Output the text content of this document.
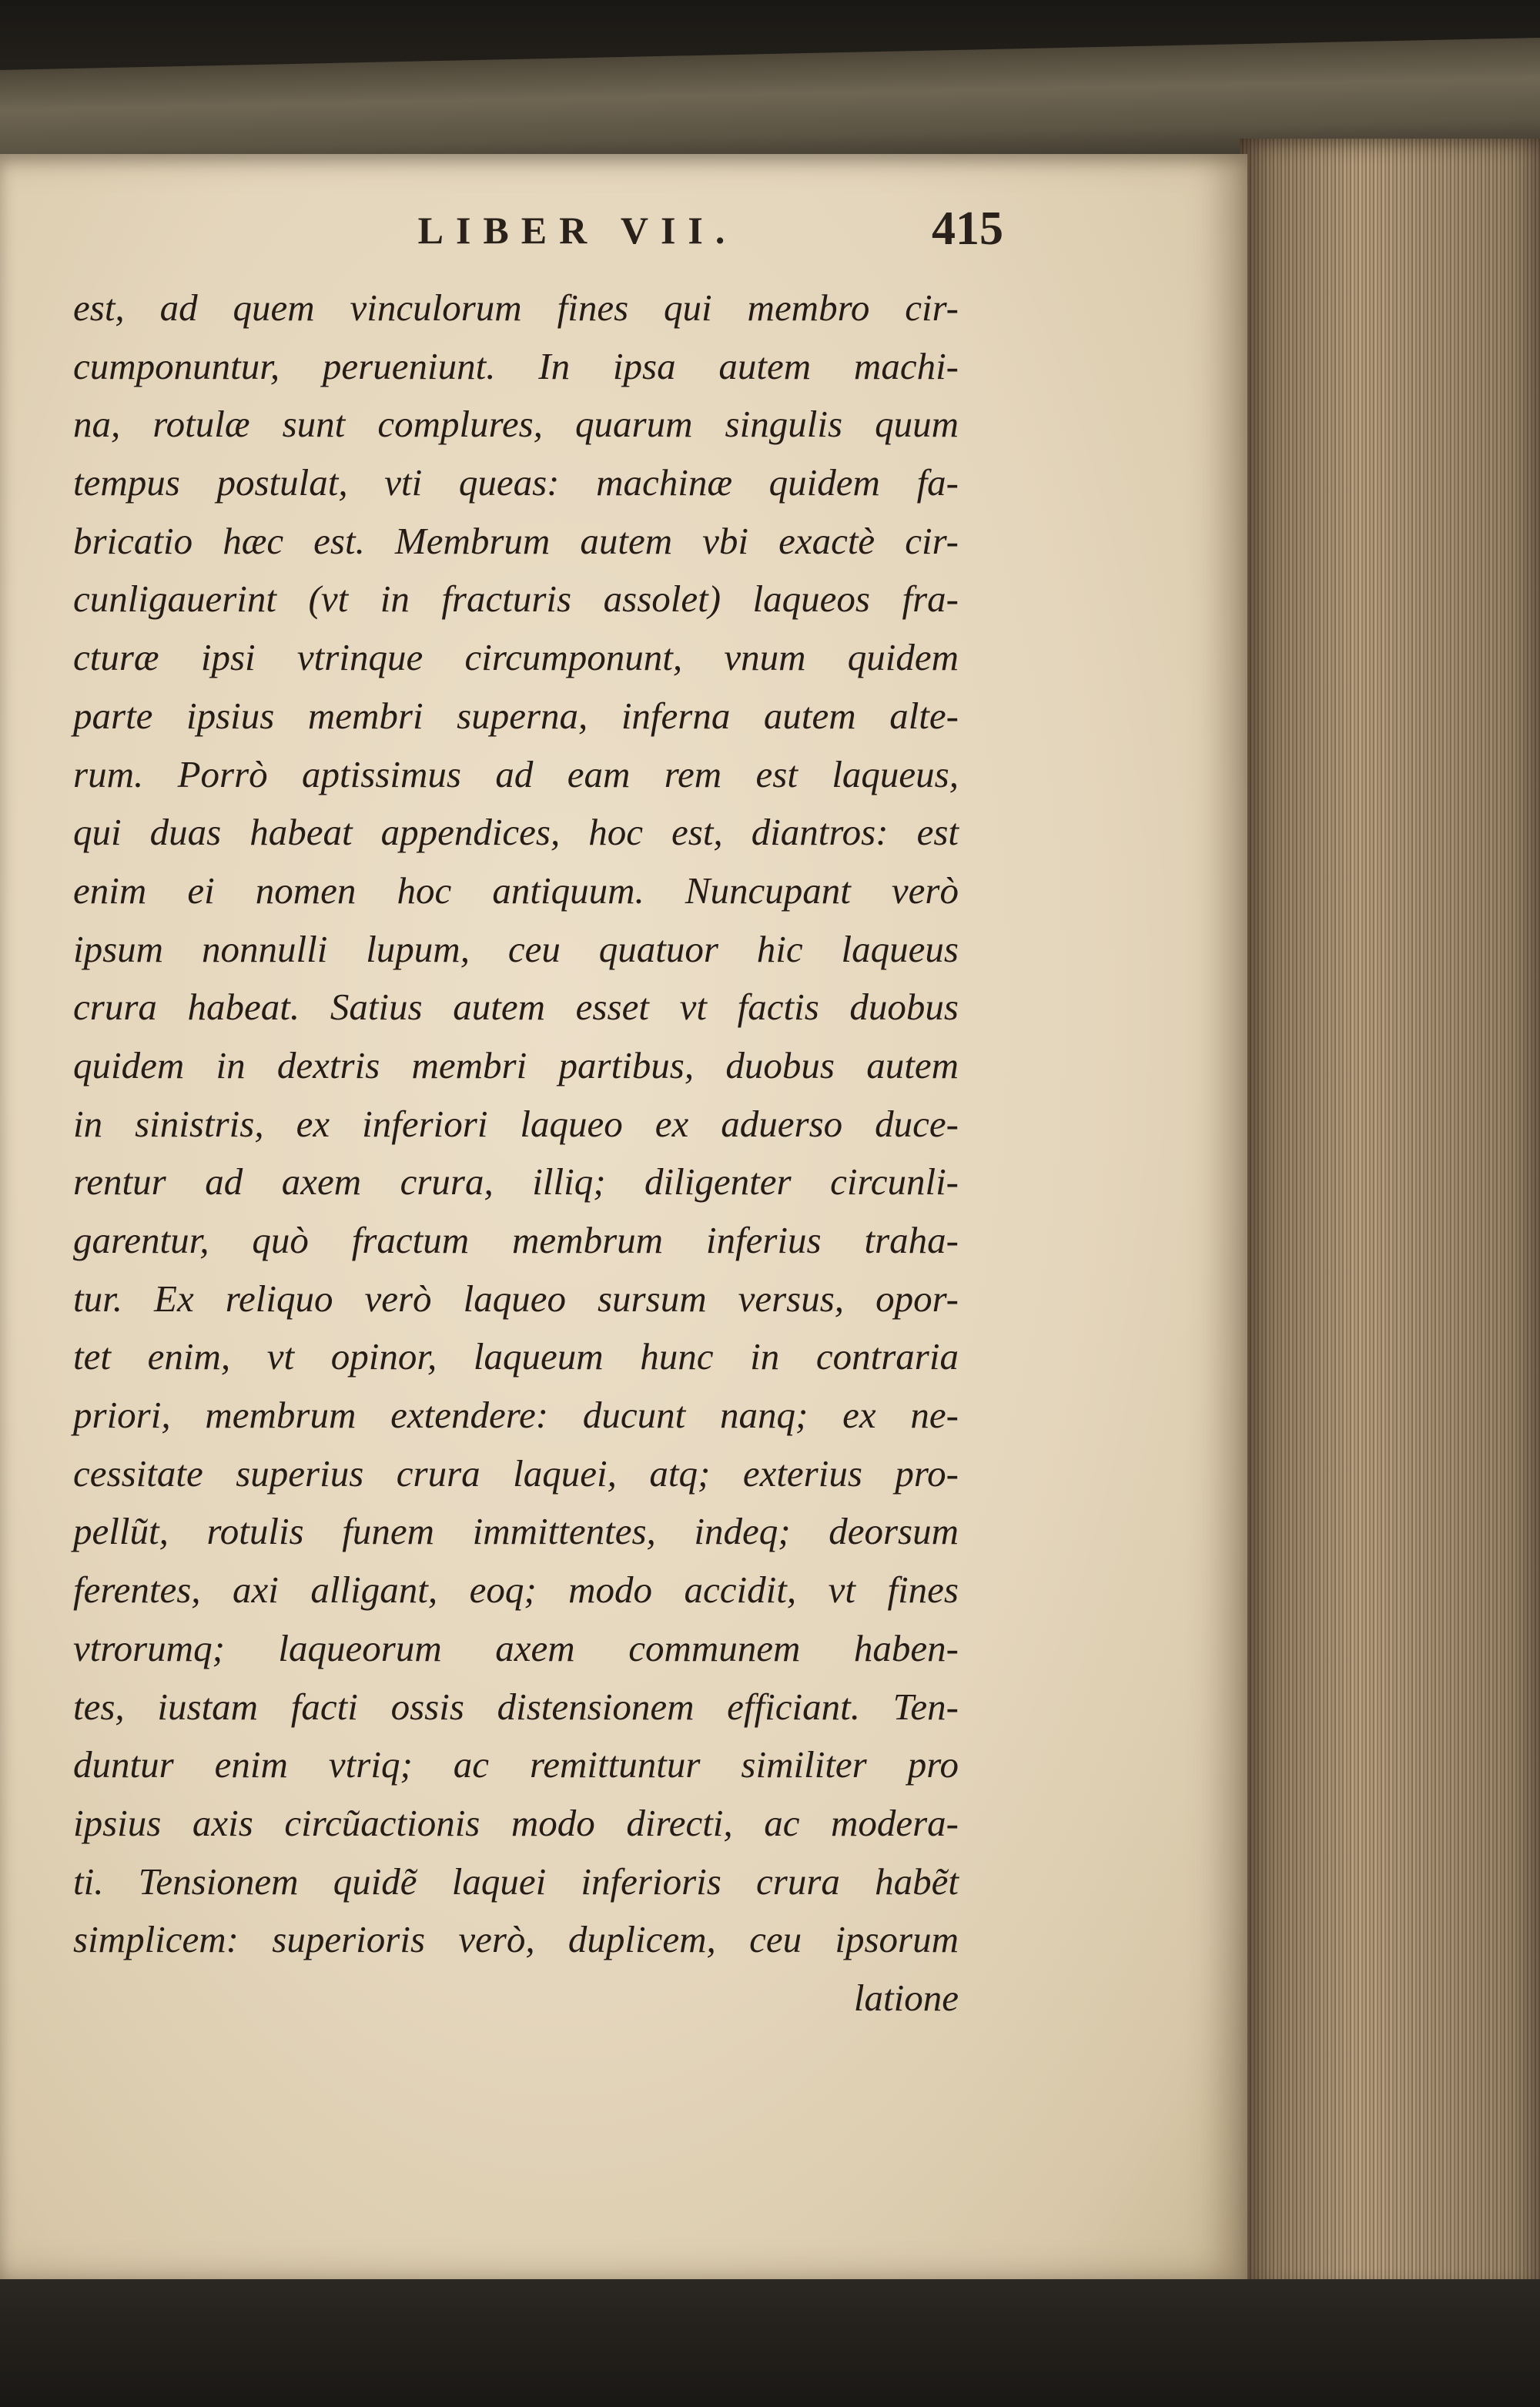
LIBER VII.	415
est, ad quem vinculorum fines qui membro cir-
cumponuntur, perueniunt. In ipsa autem machi-
na, rotulæ sunt complures, quarum singulis quum
tempus postulat, vti queas: machinæ quidem fa-
bricatio hæc est. Membrum autem vbi exactè cir-
cunligauerint (vt in fracturis assolet) laqueos fra-
cturæ ipsi vtrinque circumponunt, vnum quidem
parte ipsius membri superna, inferna autem alte-
rum. Porrò aptissimus ad eam rem est laqueus,
qui duas habeat appendices, hoc est, diantros: est
enim ei nomen hoc antiquum. Nuncupant verò
ipsum nonnulli lupum, ceu quatuor hic laqueus
crura habeat. Satius autem esset vt factis duobus
quidem in dextris membri partibus, duobus autem
in sinistris, ex inferiori laqueo ex aduerso duce-
rentur ad axem crura, illiq; diligenter circunli-
garentur, quò fractum membrum inferius traha-
tur. Ex reliquo verò laqueo sursum versus, opor-
tet enim, vt opinor, laqueum hunc in contraria
priori, membrum extendere: ducunt nanq; ex ne-
cessitate superius crura laquei, atq; exterius pro-
pellũt, rotulis funem immittentes, indeq; deorsum
ferentes, axi alligant, eoq; modo accidit, vt fines
vtrorumq; laqueorum axem communem haben-
tes, iustam facti ossis distensionem efficiant. Ten-
duntur enim vtriq; ac remittuntur similiter pro
ipsius axis circũactionis modo directi, ac modera-
ti. Tensionem quidẽ laquei inferioris crura habẽt
simplicem: superioris verò, duplicem, ceu ipsorum
latione
